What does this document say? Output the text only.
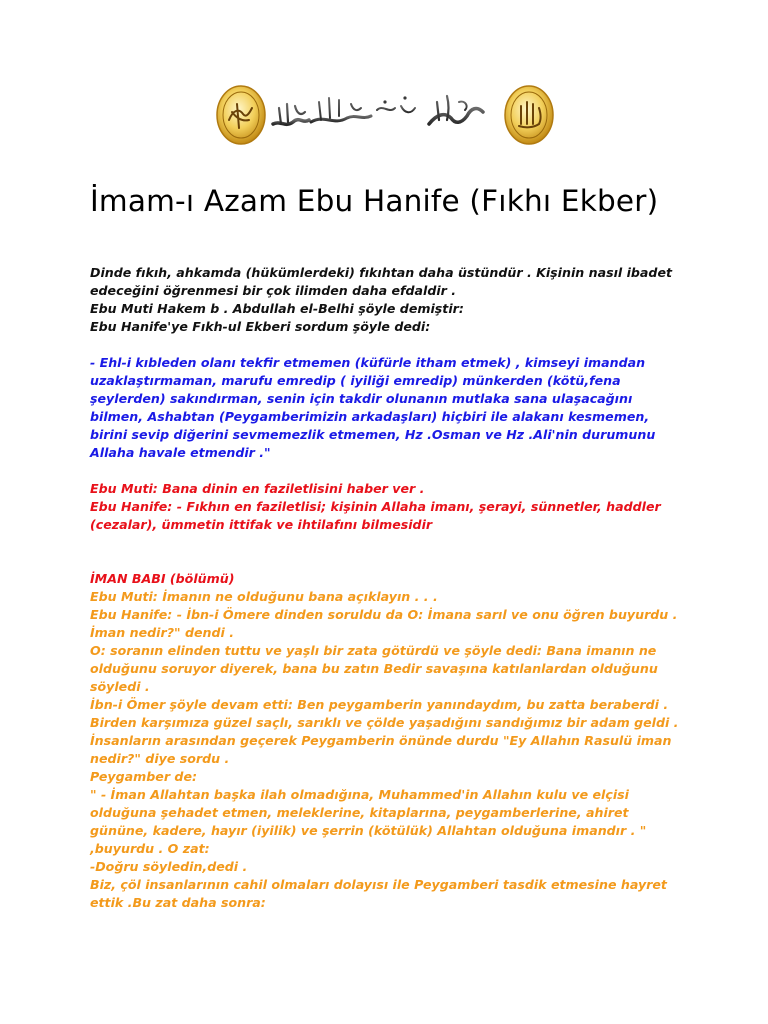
İmam-ı Azam Ebu Hanife (Fıkhı Ekber)
Dinde fıkıh, ahkamda (hükümlerdeki) fıkıhtan daha üstündür . Kişinin nasıl ibadet
edeceğini öğrenmesi bir çok ilimden daha efdaldir .
Ebu Muti Hakem b . Abdullah el-Belhi şöyle demiştir:
Ebu Hanife'ye Fıkh-ul Ekberi sordum şöyle dedi:
- Ehl-i kıbleden olanı tekfir etmemen (küfürle itham etmek) , kimseyi imandan
uzaklaştırmaman, marufu emredip ( iyiliği emredip) münkerden (kötü,fena
şeylerden) sakındırman, senin için takdir olunanın mutlaka sana ulaşacağını
bilmen, Ashabtan (Peygamberimizin arkadaşları) hiçbiri ile alakanı kesmemen,
birini sevip diğerini sevmemezlik etmemen, Hz .Osman ve Hz .Ali'nin durumunu
Allaha havale etmendir ."
Ebu Muti: Bana dinin en faziletlisini haber ver .
Ebu Hanife: - Fıkhın en faziletlisi; kişinin Allaha imanı, şerayi, sünnetler, haddler
(cezalar), ümmetin ittifak ve ihtilafını bilmesidir
İMAN BABI (bölümü)
Ebu Muti: İmanın ne olduğunu bana açıklayın . . .
Ebu Hanife: - İbn-i Ömere dinden soruldu da O: İmana sarıl ve onu öğren buyurdu .
İman nedir?" dendi .
O: soranın elinden tuttu ve yaşlı bir zata götürdü ve şöyle dedi: Bana imanın ne
olduğunu soruyor diyerek, bana bu zatın Bedir savaşına katılanlardan olduğunu
söyledi .
İbn-i Ömer şöyle devam etti: Ben peygamberin yanındaydım, bu zatta beraberdi .
Birden karşımıza güzel saçlı, sarıklı ve çölde yaşadığını sandığımız bir adam geldi .
İnsanların arasından geçerek Peygamberin önünde durdu "Ey Allahın Rasulü iman
nedir?" diye sordu .
Peygamber de:
" - İman Allahtan başka ilah olmadığına, Muhammed'in Allahın kulu ve elçisi
olduğuna şehadet etmen, meleklerine, kitaplarına, peygamberlerine, ahiret
gününe, kadere, hayır (iyilik) ve şerrin (kötülük) Allahtan olduğuna imandır . "
,buyurdu . O zat:
-Doğru söyledin,dedi .
Biz, çöl insanlarının cahil olmaları dolayısı ile Peygamberi tasdik etmesine hayret
ettik .Bu zat daha sonra:
